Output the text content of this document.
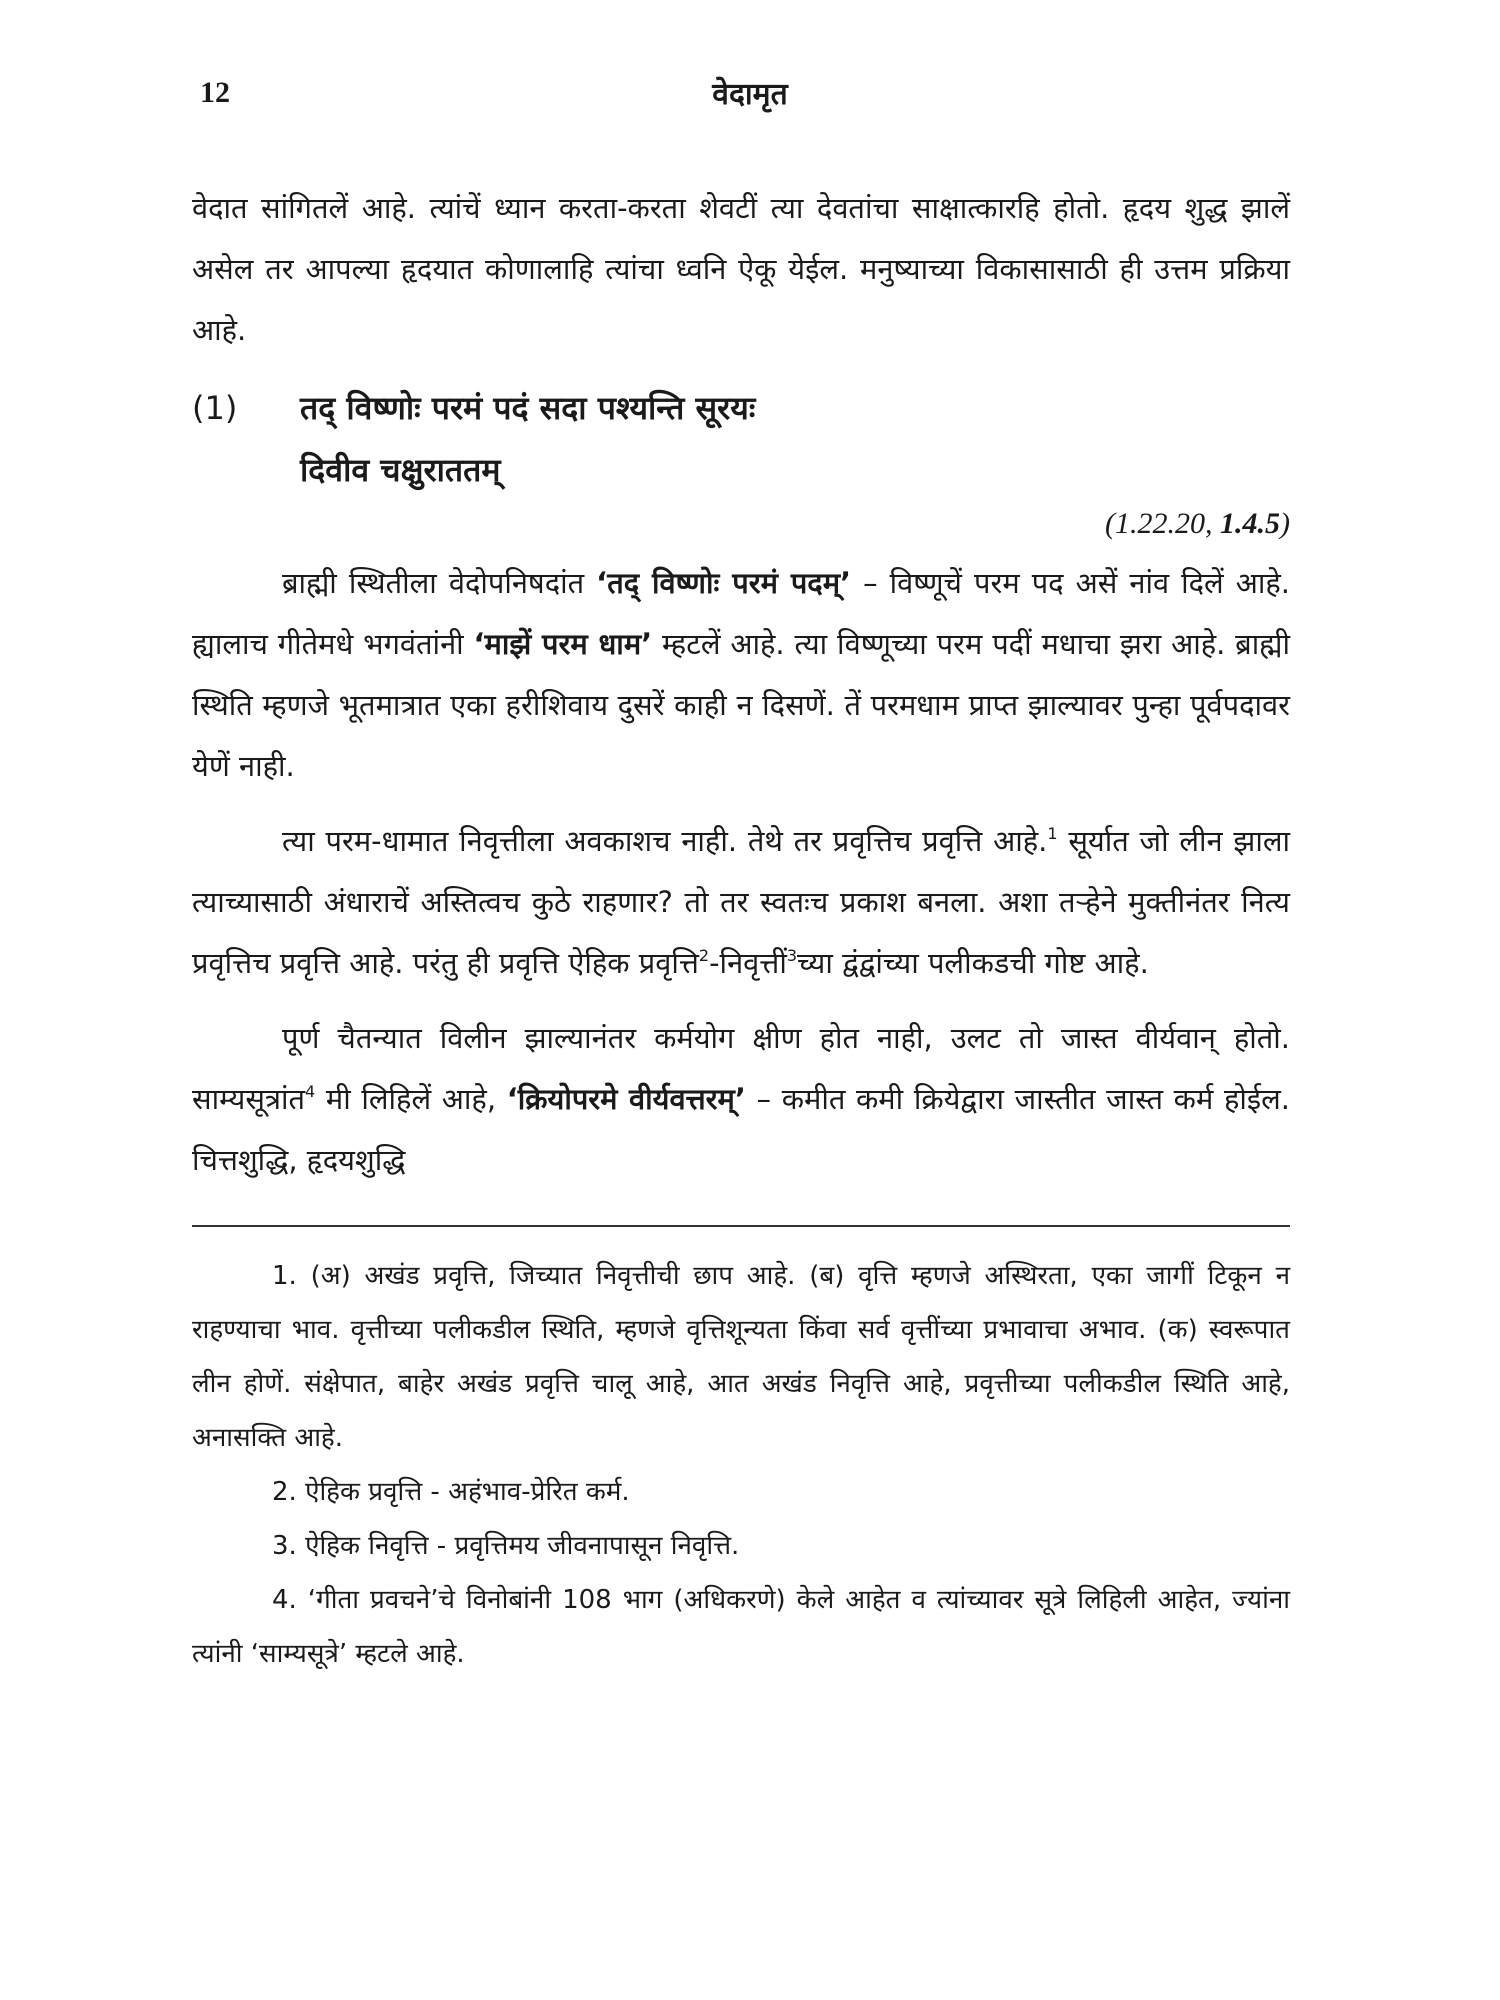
12	वेदामृत

वेदात सांगितलें आहे. त्यांचें ध्यान करता-करता शेवटीं त्या देवतांचा साक्षात्कारहि होतो. हृदय शुद्ध झालें असेल तर आपल्या हृदयात कोणालाहि त्यांचा ध्वनि ऐकू येईल. मनुष्याच्या विकासासाठी ही उत्तम प्रक्रिया आहे.

(1)	तद् विष्णोः परमं पदं सदा पश्यन्ति सूरयः
दिवीव चक्षुराततम्
(1.22.20, 1.4.5)

ब्राह्मी स्थितीला वेदोपनिषदांत ‘तद् विष्णोः परमं पदम्’ – विष्णूचें परम पद असें नांव दिलें आहे. ह्यालाच गीतेमधे भगवंतांनी ‘माझें परम धाम’ म्हटलें आहे. त्या विष्णूच्या परम पदीं मधाचा झरा आहे. ब्राह्मी स्थिति म्हणजे भूतमात्रात एका हरीशिवाय दुसरें काही न दिसणें. तें परमधाम प्राप्त झाल्यावर पुन्हा पूर्वपदावर येणें नाही.

त्या परम-धामात निवृत्तीला अवकाशच नाही. तेथे तर प्रवृत्तिच प्रवृत्ति आहे.$^1$ सूर्यात जो लीन झाला त्याच्यासाठी अंधाराचें अस्तित्वच कुठे राहणार? तो तर स्वतःच प्रकाश बनला. अशा तऱ्हेने मुक्तीनंतर नित्य प्रवृत्तिच प्रवृत्ति आहे. परंतु ही प्रवृत्ति ऐहिक प्रवृत्ति$^2$-निवृत्तीं$^3$च्या द्वंद्वांच्या पलीकडची गोष्ट आहे.

पूर्ण चैतन्यात विलीन झाल्यानंतर कर्मयोग क्षीण होत नाही, उलट तो जास्त वीर्यवान् होतो. साम्यसूत्रांत$^4$ मी लिहिलें आहे, ‘क्रियोपरमे वीर्यवत्तरम्’ – कमीत कमी क्रियेद्वारा जास्तीत जास्त कर्म होईल. चित्तशुद्धि, हृदयशुद्धि

1. (अ) अखंड प्रवृत्ति, जिच्यात निवृत्तीची छाप आहे. (ब) वृत्ति म्हणजे अस्थिरता, एका जागीं टिकून न राहण्याचा भाव. वृत्तीच्या पलीकडील स्थिति, म्हणजे वृत्तिशून्यता किंवा सर्व वृत्तींच्या प्रभावाचा अभाव. (क) स्वरूपात लीन होणें. संक्षेपात, बाहेर अखंड प्रवृत्ति चालू आहे, आत अखंड निवृत्ति आहे, प्रवृत्तीच्या पलीकडील स्थिति आहे, अनासक्ति आहे.

2. ऐहिक प्रवृत्ति - अहंभाव-प्रेरित कर्म.

3. ऐहिक निवृत्ति - प्रवृत्तिमय जीवनापासून निवृत्ति.

4. ‘गीता प्रवचने’चे विनोबांनी 108 भाग (अधिकरणे) केले आहेत व त्यांच्यावर सूत्रे लिहिली आहेत, ज्यांना त्यांनी ‘साम्यसूत्रे’ म्हटले आहे.
